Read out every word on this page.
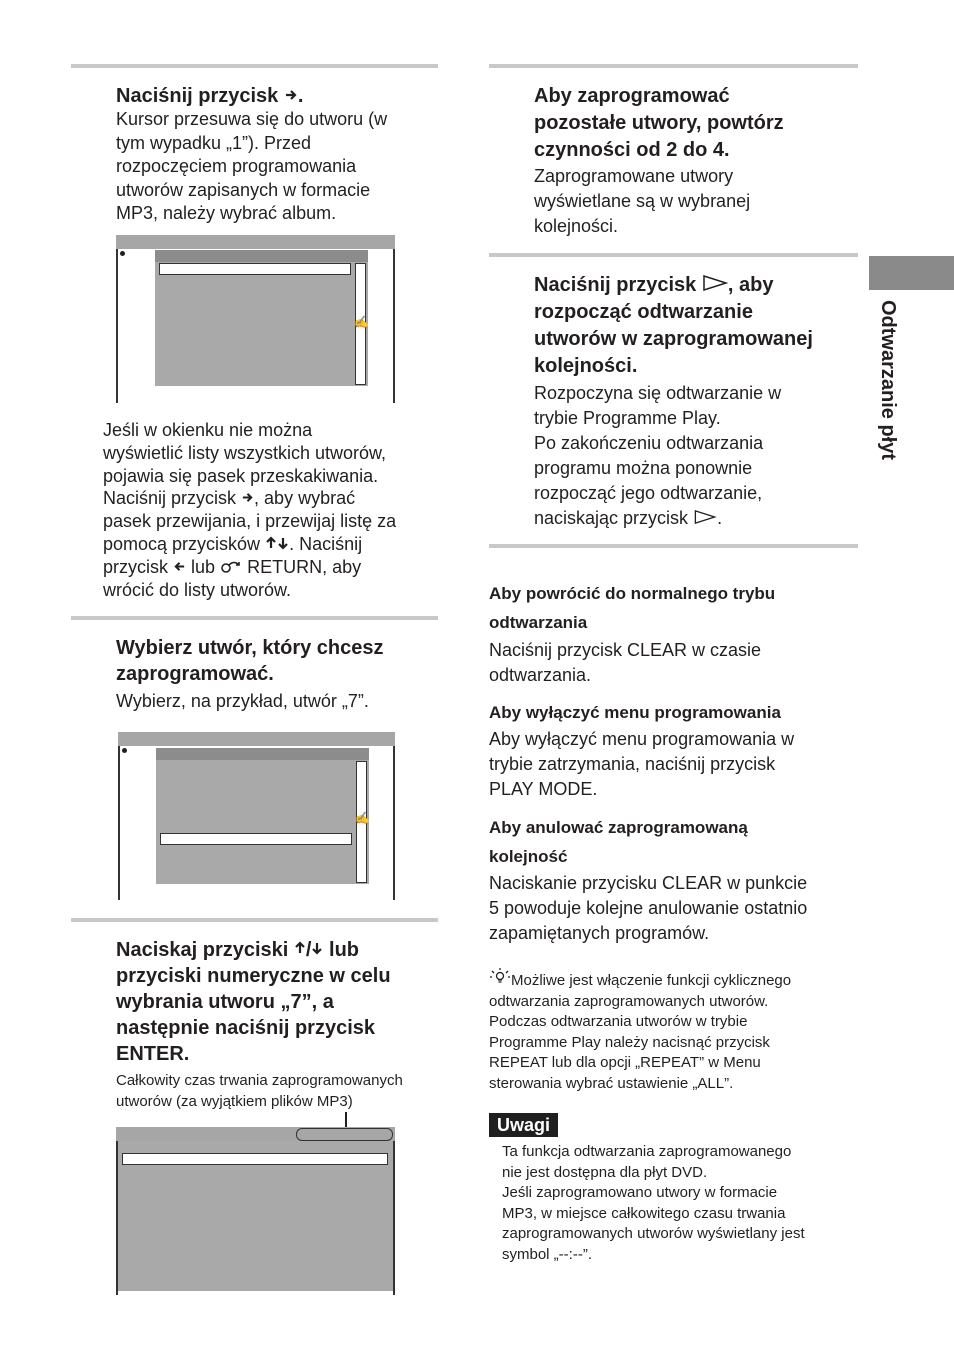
Odtwarzanie płyt
Naciśnij przycisk .
Kursor przesuwa się do utworu (w
tym wypadku „1”). Przed
rozpoczęciem programowania
utworów zapisanych w formacie
MP3, należy wybrać album.
✍
Jeśli w okienku nie można
wyświetlić listy wszystkich utworów,
pojawia się pasek przeskakiwania.
Naciśnij przycisk , aby wybrać
pasek przewijania, i przewijaj listę za
pomocą przycisków . Naciśnij
przycisk lub RETURN, aby
wrócić do listy utworów.
Wybierz utwór, który chcesz
zaprogramować.
Wybierz, na przykład, utwór „7”.
✍
Naciskaj przyciski / lub
przyciski numeryczne w celu
wybrania utworu „7”, a
następnie naciśnij przycisk
ENTER.
Całkowity czas trwania zaprogramowanych
utworów (za wyjątkiem plików MP3)
Aby zaprogramować
pozostałe utwory, powtórz
czynności od 2 do 4.
Zaprogramowane utwory
wyświetlane są w wybranej
kolejności.
Naciśnij przycisk , aby
rozpocząć odtwarzanie
utworów w zaprogramowanej
kolejności.
Rozpoczyna się odtwarzanie w
trybie Programme Play.
Po zakończeniu odtwarzania
programu można ponownie
rozpocząć jego odtwarzanie,
naciskając przycisk .
Aby powrócić do normalnego trybu
odtwarzania
Naciśnij przycisk CLEAR w czasie
odtwarzania.
Aby wyłączyć menu programowania
Aby wyłączyć menu programowania w
trybie zatrzymania, naciśnij przycisk
PLAY MODE.
Aby anulować zaprogramowaną
kolejność
Naciskanie przycisku CLEAR w punkcie
5 powoduje kolejne anulowanie ostatnio
zapamiętanych programów.
Możliwe jest włączenie funkcji cyklicznego
odtwarzania zaprogramowanych utworów.
Podczas odtwarzania utworów w trybie
Programme Play należy nacisnąć przycisk
REPEAT lub dla opcji „REPEAT” w Menu
sterowania wybrać ustawienie „ALL”.
Uwagi
Ta funkcja odtwarzania zaprogramowanego
nie jest dostępna dla płyt DVD.
Jeśli zaprogramowano utwory w formacie
MP3, w miejsce całkowitego czasu trwania
zaprogramowanych utworów wyświetlany jest
symbol „--:--”.
